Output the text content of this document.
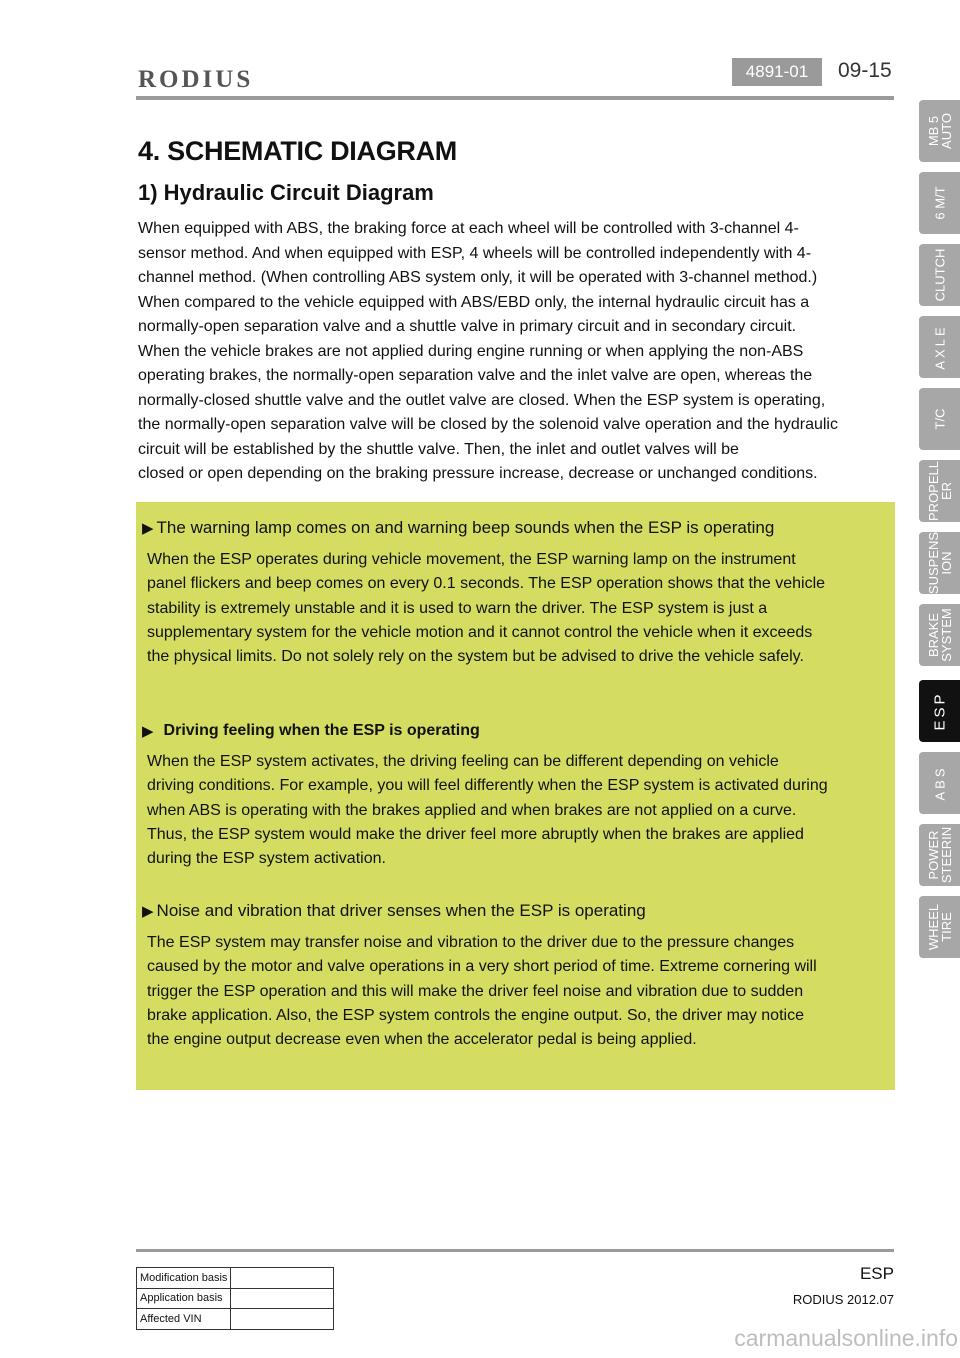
RODIUS	4891-01	09-15
4. SCHEMATIC DIAGRAM
1) Hydraulic Circuit Diagram

When equipped with ABS, the braking force at each wheel will be controlled with 3-channel 4-

sensor method. And when equipped with ESP, 4 wheels will be controlled independently with 4-

channel method. (When controlling ABS system only, it will be operated with 3-channel method.)

When compared to the vehicle equipped with ABS/EBD only, the internal hydraulic circuit has a

normally-open separation valve and a shuttle valve in primary circuit and in secondary circuit.

When the vehicle brakes are not applied during engine running or when applying the non-ABS

operating brakes, the normally-open separation valve and the inlet valve are open, whereas the

normally-closed shuttle valve and the outlet valve are closed. When the ESP system is operating,

the normally-open separation valve will be closed by the solenoid valve operation and the hydraulic

circuit will be established by the shuttle valve. Then, the inlet and outlet valves will be

closed or open depending on the braking pressure increase, decrease or unchanged conditions.

▶ The warning lamp comes on and warning beep sounds when the ESP is operating

When the ESP operates during vehicle movement, the ESP warning lamp on the instrument

panel flickers and beep comes on every 0.1 seconds. The ESP operation shows that the vehicle

stability is extremely unstable and it is used to warn the driver. The ESP system is just a

supplementary system for the vehicle motion and it cannot control the vehicle when it exceeds

the physical limits. Do not solely rely on the system but be advised to drive the vehicle safely.

▶ Driving feeling when the ESP is operating

When the ESP system activates, the driving feeling can be different depending on vehicle

driving conditions. For example, you will feel differently when the ESP system is activated during

when ABS is operating with the brakes applied and when brakes are not applied on a curve.

Thus, the ESP system would make the driver feel more abruptly when the brakes are applied

during the ESP system activation.

▶ Noise and vibration that driver senses when the ESP is operating

The ESP system may transfer noise and vibration to the driver due to the pressure changes

caused by the motor and valve operations in a very short period of time. Extreme cornering will

trigger the ESP operation and this will make the driver feel noise and vibration due to sudden

brake application. Also, the ESP system controls the engine output. So, the driver may notice

the engine output decrease even when the accelerator pedal is being applied.

MB 5
AUTO
6 M/T
CLUTCH
AXLE
T/C
PROPELL
ER
SUSPENS
ION
BRAKE
SYSTEM
ESP
ABS
POWER
STEERIN
WHEEL
TIRE
ESP
RODIUS 2012.07
Modification basis	
Application basis	
Affected VIN	
carmanualsonline.info
